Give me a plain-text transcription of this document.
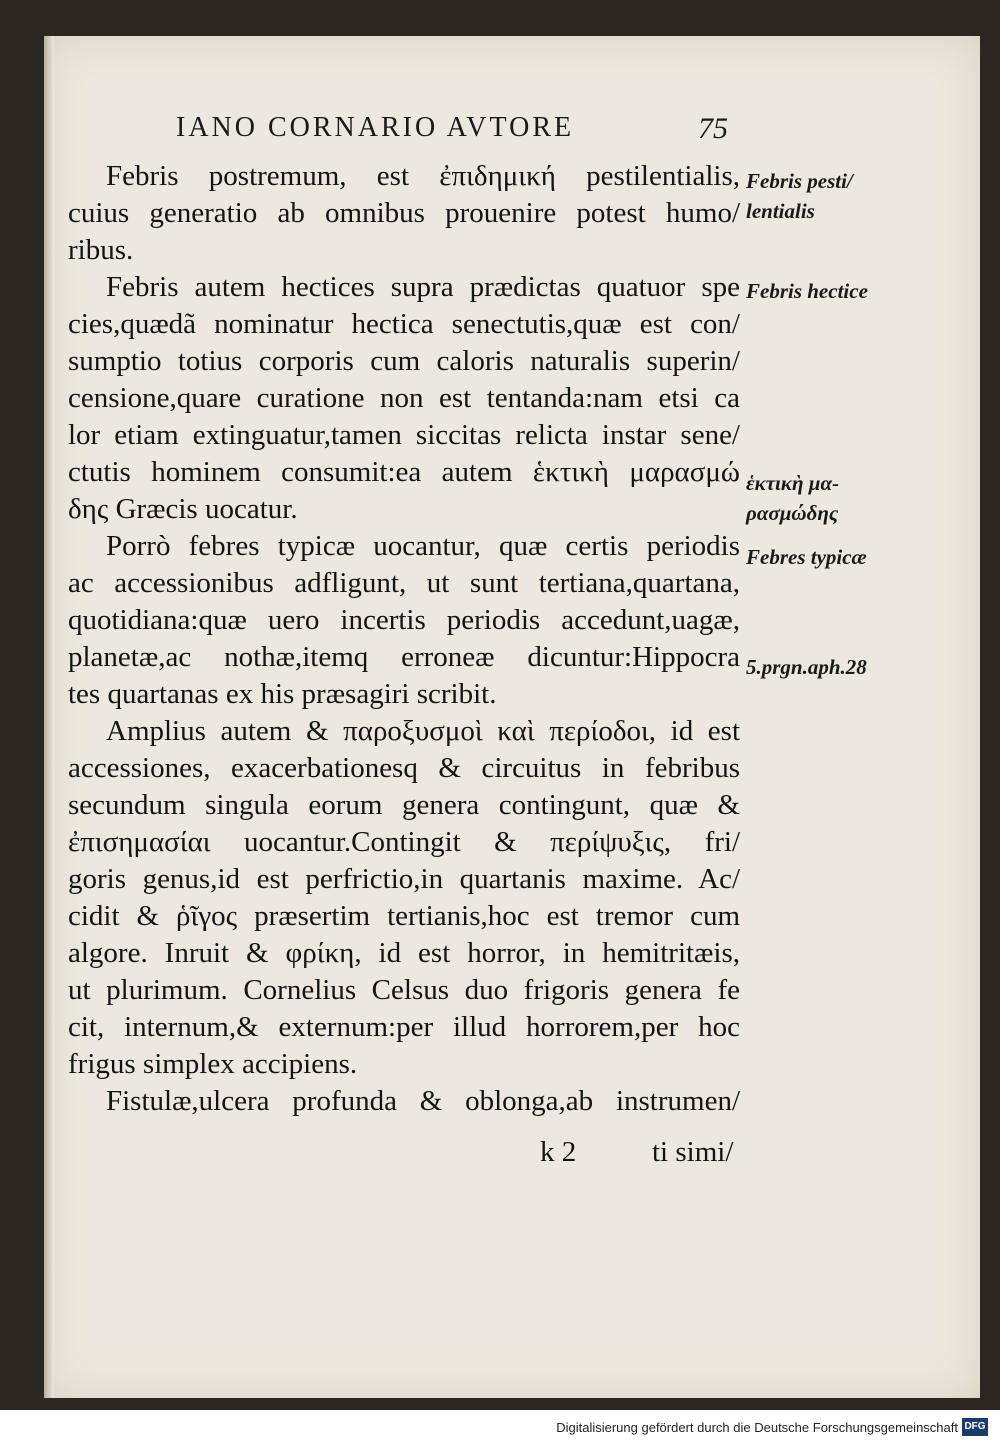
IANO CORNARIO AVTORE	75
Febris postremum, est ἐπιδημική pestilentialis,
cuius generatio ab omnibus prouenire potest humo/
ribus.
Febris autem hectices supra prædictas quatuor spe
cies,quædã nominatur hectica senectutis,quæ est con/
sumptio totius corporis cum caloris naturalis superin/
censione,quare curatione non est tentanda:nam etsi ca
lor etiam extinguatur,tamen siccitas relicta instar sene/
ctutis hominem consumit:ea autem ἑκτικὴ μαρασμώ
δης Græcis uocatur.
Porrò febres typicæ uocantur, quæ certis periodis
ac accessionibus adfligunt, ut sunt tertiana,quartana,
quotidiana:quæ uero incertis periodis accedunt,uagæ,
planetæ,ac nothæ,itemq erroneæ dicuntur:Hippocra
tes quartanas ex his præsagiri scribit.
Amplius autem & παροξυσμοὶ καὶ περίοδοι, id est
accessiones, exacerbationesq & circuitus in febribus
secundum singula eorum genera contingunt, quæ &
ἐπισημασίαι uocantur.Contingit & περίψυξις, fri/
goris genus,id est perfrictio,in quartanis maxime. Ac/
cidit & ῥῖγος præsertim tertianis,hoc est tremor cum
algore. Inruit & φρίκη, id est horror, in hemitritæis,
ut plurimum. Cornelius Celsus duo frigoris genera fe
cit, internum,& externum:per illud horrorem,per hoc
frigus simplex accipiens.
Fistulæ,ulcera profunda & oblonga,ab instrumen/
Febris pesti/
lentialis
Febris hectice
ἑκτικὴ μα-
ρασμώδης
Febres typicæ
5.prgn.aph.28
k 2	ti simi/
Digitalisierung gefördert durch die Deutsche Forschungsgemeinschaft DFG
